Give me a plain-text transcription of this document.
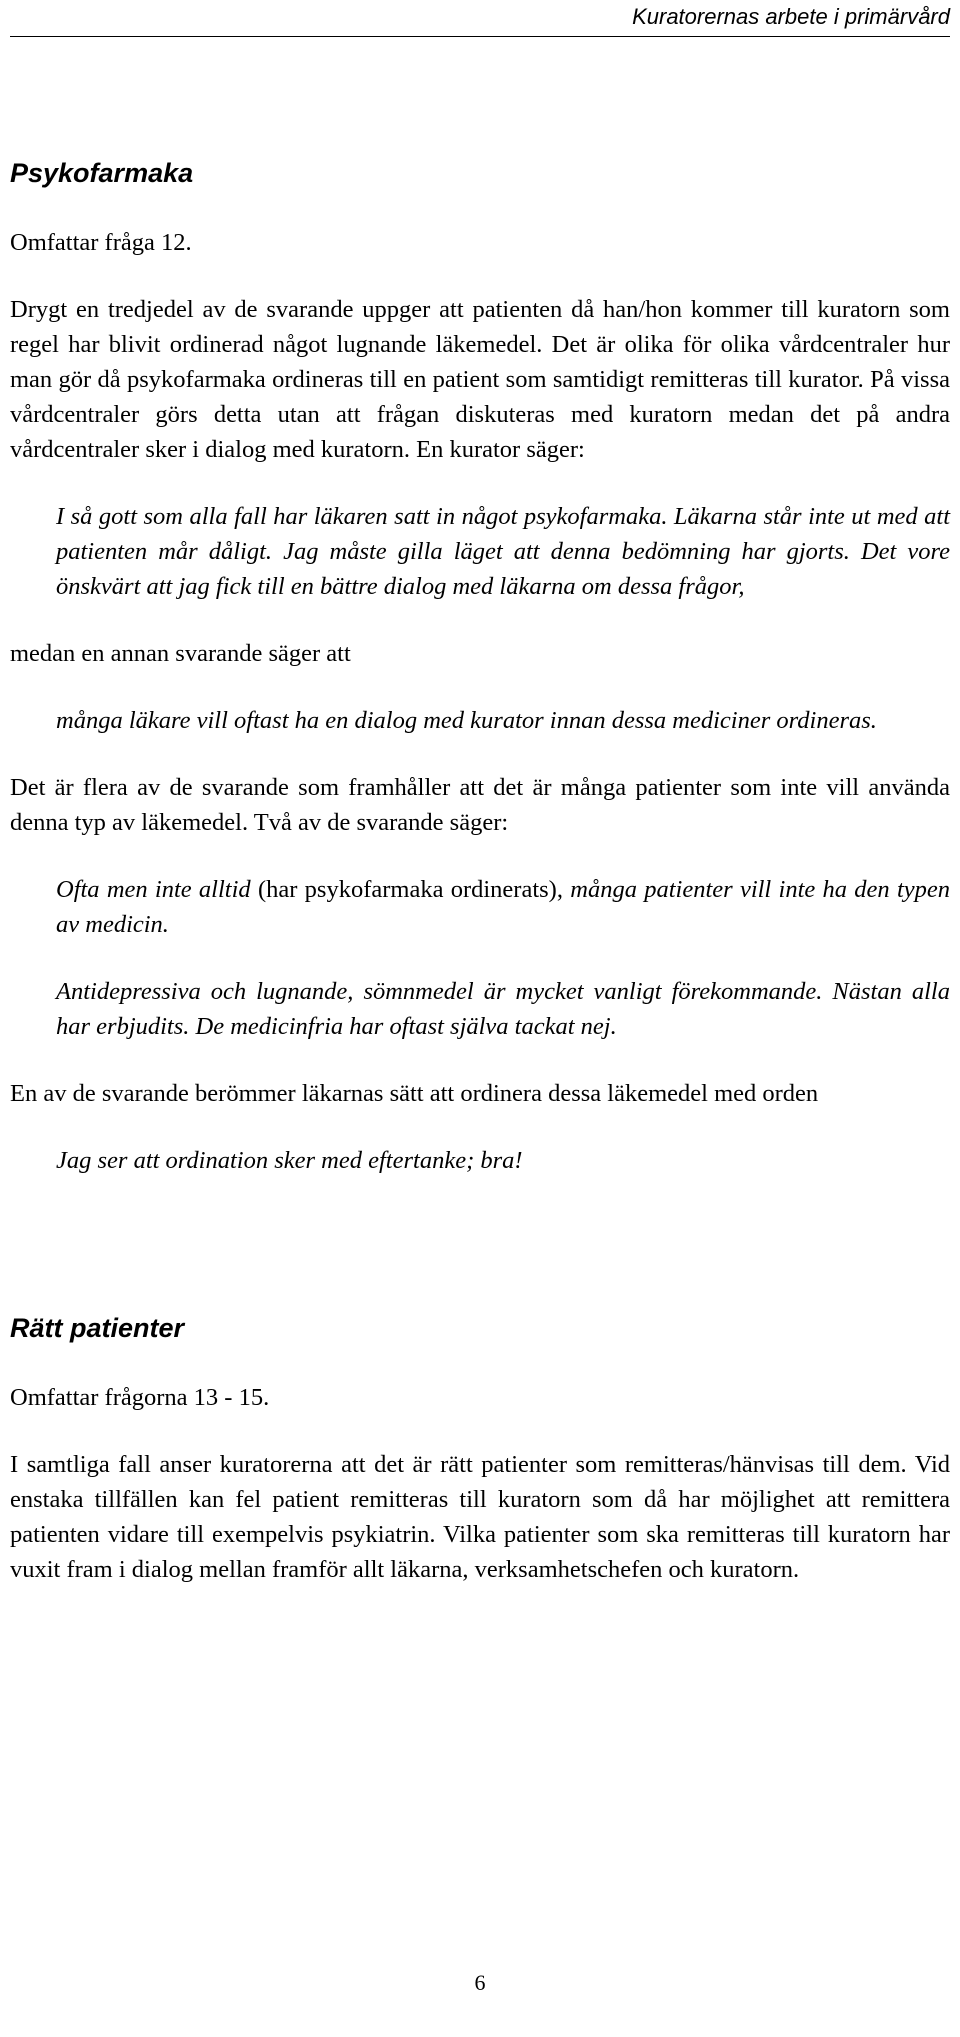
Kuratorernas arbete i primärvård
Psykofarmaka

Omfattar fråga 12.

Drygt en tredjedel av de svarande uppger att patienten då han/hon kommer till kuratorn som regel har blivit ordinerad något lugnande läkemedel. Det är olika för olika vårdcentraler hur man gör då psykofarmaka ordineras till en patient som samtidigt remitteras till kurator. På vissa vårdcentraler görs detta utan att frågan diskuteras med kuratorn medan det på andra vårdcentraler sker i dialog med kuratorn. En kurator säger:

I så gott som alla fall har läkaren satt in något psykofarmaka. Läkarna står inte ut med att patienten mår dåligt. Jag måste gilla läget att denna bedömning har gjorts. Det vore önskvärt att jag fick till en bättre dialog med läkarna om dessa frågor,

medan en annan svarande säger att

många läkare vill oftast ha en dialog med kurator innan dessa mediciner ordineras.

Det är flera av de svarande som framhåller att det är många patienter som inte vill använda denna typ av läkemedel. Två av de svarande säger:

Ofta men inte alltid (har psykofarmaka ordinerats), många patienter vill inte ha den typen av medicin.

Antidepressiva och lugnande, sömnmedel är mycket vanligt förekommande. Nästan alla har erbjudits. De medicinfria har oftast själva tackat nej.

En av de svarande berömmer läkarnas sätt att ordinera dessa läkemedel med orden

Jag ser att ordination sker med eftertanke; bra!

Rätt patienter

Omfattar frågorna 13 - 15.

I samtliga fall anser kuratorerna att det är rätt patienter som remitteras/hänvisas till dem. Vid enstaka tillfällen kan fel patient remitteras till kuratorn som då har möjlighet att remittera patienten vidare till exempelvis psykiatrin. Vilka patienter som ska remitteras till kuratorn har vuxit fram i dialog mellan framför allt läkarna, verksamhetschefen och kuratorn.

6
